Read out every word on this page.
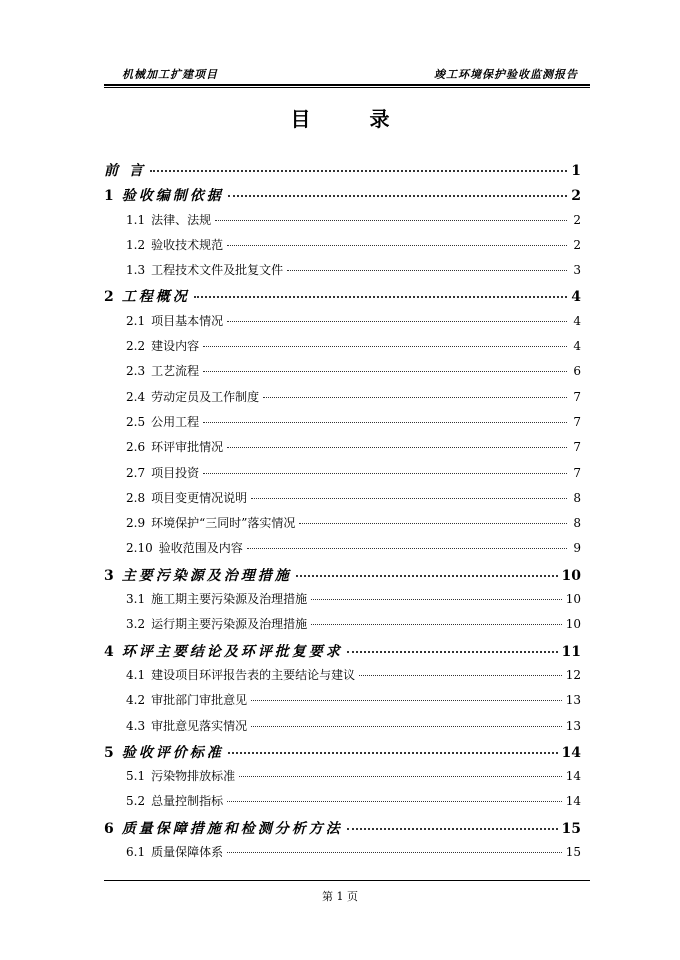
机械加工扩建项目	竣工环境保护验收监测报告
目 录
前 言	1
1 验收编制依据	2
1.1 法律、法规	2
1.2 验收技术规范	2
1.3 工程技术文件及批复文件	3
2 工程概况	4
2.1 项目基本情况	4
2.2 建设内容	4
2.3 工艺流程	6
2.4 劳动定员及工作制度	7
2.5 公用工程	7
2.6 环评审批情况	7
2.7 项目投资	7
2.8 项目变更情况说明	8
2.9 环境保护“三同时”落实情况	8
2.10 验收范围及内容	9
3 主要污染源及治理措施	10
3.1 施工期主要污染源及治理措施	10
3.2 运行期主要污染源及治理措施	10
4 环评主要结论及环评批复要求	11
4.1 建设项目环评报告表的主要结论与建议	12
4.2 审批部门审批意见	13
4.3 审批意见落实情况	13
5 验收评价标准	14
5.1 污染物排放标准	14
5.2 总量控制指标	14
6 质量保障措施和检测分析方法	15
6.1 质量保障体系	15
第 1 页
